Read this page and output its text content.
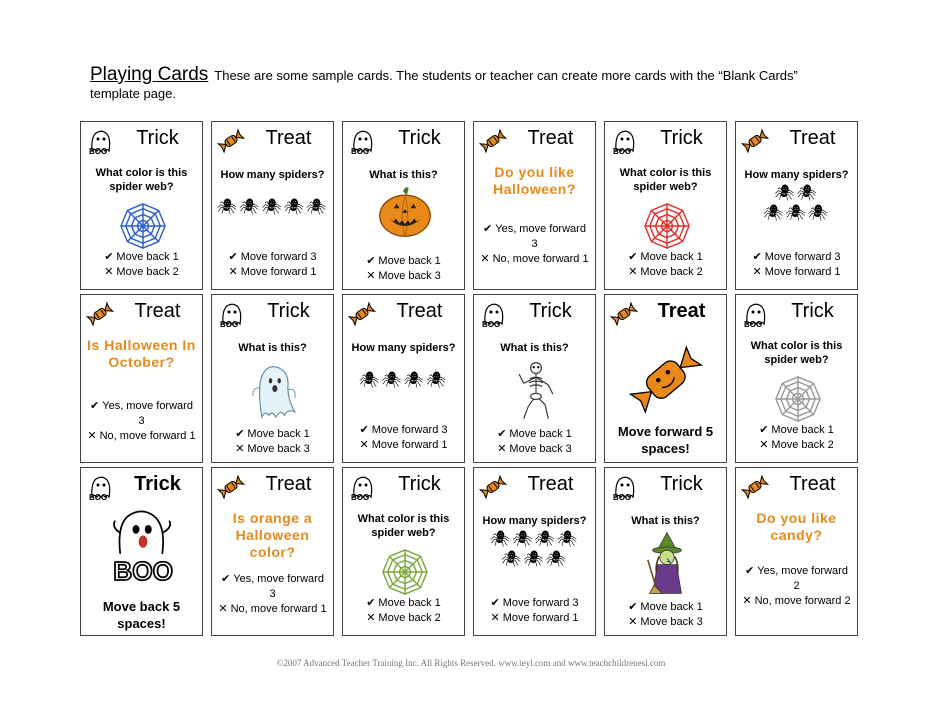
Playing Cards These are some sample cards. The students or teacher can create more cards with the “Blank Cards” template page.
BOO
Trick
What color is this spider web?
✔ Move back 1
✕ Move back 2
Treat
How many spiders?
🕷︎🕷︎🕷︎🕷︎🕷︎
✔ Move forward 3
✕ Move forward 1
BOO
Trick
What is this?
✔ Move back 1
✕ Move back 3
Treat
Do you like Halloween?
✔ Yes, move forward 3
✕ No, move forward 1
BOO
Trick
What color is this spider web?
✔ Move back 1
✕ Move back 2
Treat
How many spiders?
🕷︎🕷︎
🕷︎🕷︎🕷︎
✔ Move forward 3
✕ Move forward 1
Treat
Is Halloween In October?
✔ Yes, move forward 3
✕ No, move forward 1
BOO
Trick
What is this?
✔ Move back 1
✕ Move back 3
Treat
How many spiders?
🕷︎🕷︎🕷︎🕷︎
✔ Move forward 3
✕ Move forward 1
BOO
Trick
What is this?
✔ Move back 1
✕ Move back 3
Treat
Move forward 5 spaces!
BOO
Trick
What color is this spider web?
✔ Move back 1
✕ Move back 2
BOO
Trick
BOO
Move back 5 spaces!
Treat
Is orange a Halloween color?
✔ Yes, move forward 3
✕ No, move forward 1
BOO
Trick
What color is this spider web?
✔ Move back 1
✕ Move back 2
Treat
How many spiders?
🕷︎🕷︎🕷︎🕷︎
🕷︎🕷︎🕷︎
✔ Move forward 3
✕ Move forward 1
BOO
Trick
What is this?
✔ Move back 1
✕ Move back 3
Treat
Do you like candy?
✔ Yes, move forward 2
✕ No, move forward 2
©2007 Advanced Teacher Training Inc. All Rights Reserved. www.teyl.com and www.teachchildrenesl.com
